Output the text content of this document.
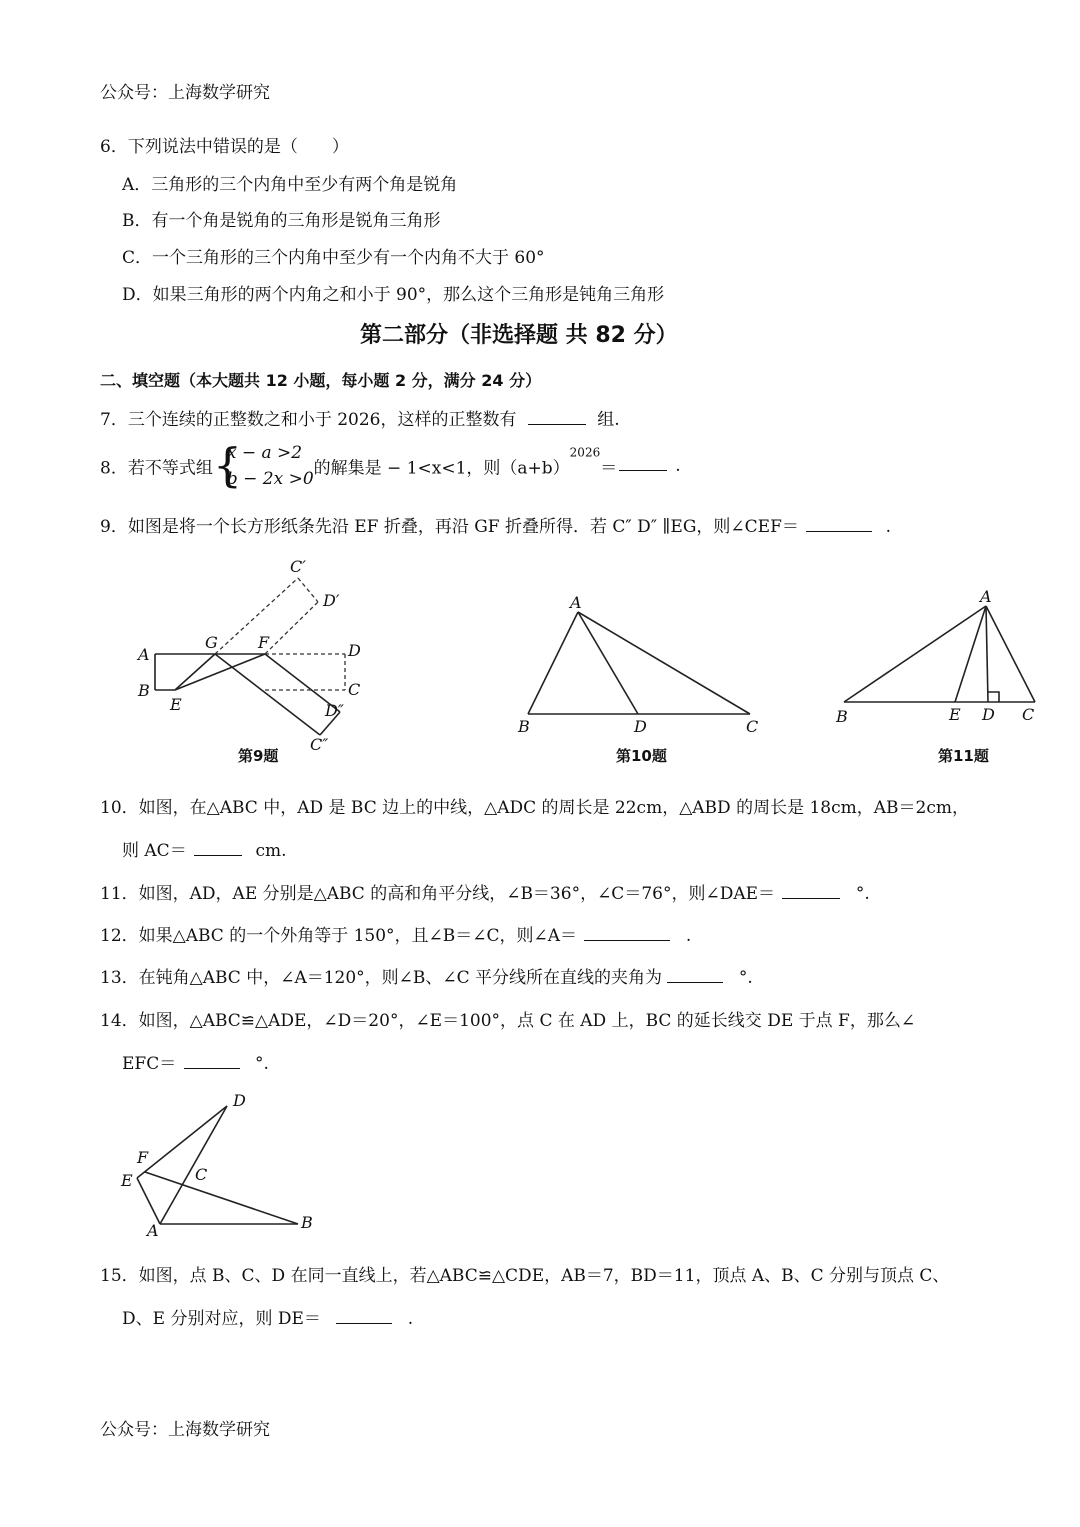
公众号：上海数学研究
6．下列说法中错误的是（　　）
A．三角形的三个内角中至少有两个角是锐角
B．有一个角是锐角的三角形是锐角三角形
C．一个三角形的三个内角中至少有一个内角不大于 60°
D．如果三角形的两个内角之和小于 90°，那么这个三角形是钝角三角形
第二部分（非选择题 共 82 分）
二、填空题（本大题共 12 小题，每小题 2 分，满分 24 分）
7．三个连续的正整数之和小于 2026，这样的正整数有	组.
8．若不等式组 {
x − a >2
b − 2x >0
的解集是 − 1<x<1，则$(a+b)^{2026}=$	.
9．如图是将一个长方形纸条先沿 EF 折叠，再沿 GF 折叠所得．若 C″ D″ ∥EG，则∠CEF＝	.
A
B
E
G	F	D
C
C′
D′
D″
C″
第9题
A
B	D	C
第10题
A
B	E D C
第11题
10．如图，在△ABC 中，AD 是 BC 边上的中线，△ADC 的周长是 22cm，△ABD 的周长是 18cm，AB＝2cm，
则 AC＝	cm.
11．如图，AD，AE 分别是△ABC 的高和角平分线，∠B＝36°，∠C＝76°，则∠DAE＝	°.
12．如果△ABC 的一个外角等于 150°，且∠B＝∠C，则∠A＝	.
13．在钝角△ABC 中，∠A＝120°，则∠B、∠C 平分线所在直线的夹角为	°.
14．如图，△ABC≌△ADE，∠D＝20°，∠E＝100°，点 C 在 AD 上，BC 的延长线交 DE 于点 F，那么∠
EFC＝	°.
D
F
E	C
A	B
15．如图，点 B、C、D 在同一直线上，若△ABC≌△CDE，AB＝7，BD＝11，顶点 A、B、C 分别与顶点 C、
D、E 分别对应，则 DE＝	.
公众号：上海数学研究
